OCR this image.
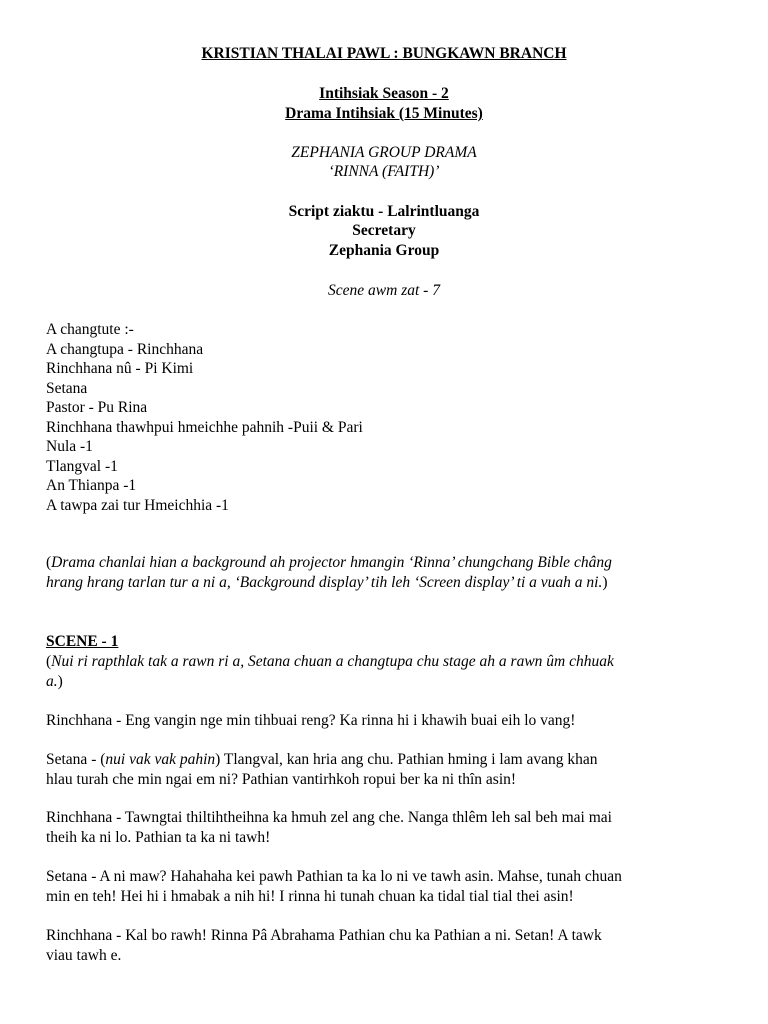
KRISTIAN THALAI PAWL : BUNGKAWN BRANCH
Intihsiak Season - 2
Drama Intihsiak (15 Minutes)
ZEPHANIA GROUP DRAMA
‘RINNA (FAITH)’
Script ziaktu - Lalrintluanga
Secretary
Zephania Group
Scene awm zat - 7
A changtute :-
A changtupa - Rinchhana
Rinchhana nû - Pi Kimi
Setana
Pastor - Pu Rina
Rinchhana thawhpui hmeichhe pahnih -Puii & Pari
Nula -1
Tlangval -1
An Thianpa -1
A tawpa zai tur Hmeichhia -1
(Drama chanlai hian a background ah projector hmangin ‘Rinna’ chungchang Bible châng
hrang hrang tarlan tur a ni a, ‘Background display’ tih leh ‘Screen display’ ti a vuah a ni.)
SCENE - 1
(Nui ri rapthlak tak a rawn ri a, Setana chuan a changtupa chu stage ah a rawn ûm chhuak
a.)
Rinchhana - Eng vangin nge min tihbuai reng? Ka rinna hi i khawih buai eih lo vang!
Setana - (nui vak vak pahin) Tlangval, kan hria ang chu. Pathian hming i lam avang khan
hlau turah che min ngai em ni? Pathian vantirhkoh ropui ber ka ni thîn asin!
Rinchhana - Tawngtai thiltihtheihna ka hmuh zel ang che. Nanga thlêm leh sal beh mai mai
theih ka ni lo. Pathian ta ka ni tawh!
Setana - A ni maw? Hahahaha kei pawh Pathian ta ka lo ni ve tawh asin. Mahse, tunah chuan
min en teh! Hei hi i hmabak a nih hi! I rinna hi tunah chuan ka tidal tial tial thei asin!
Rinchhana - Kal bo rawh! Rinna Pâ Abrahama Pathian chu ka Pathian a ni. Setan! A tawk
viau tawh e.
